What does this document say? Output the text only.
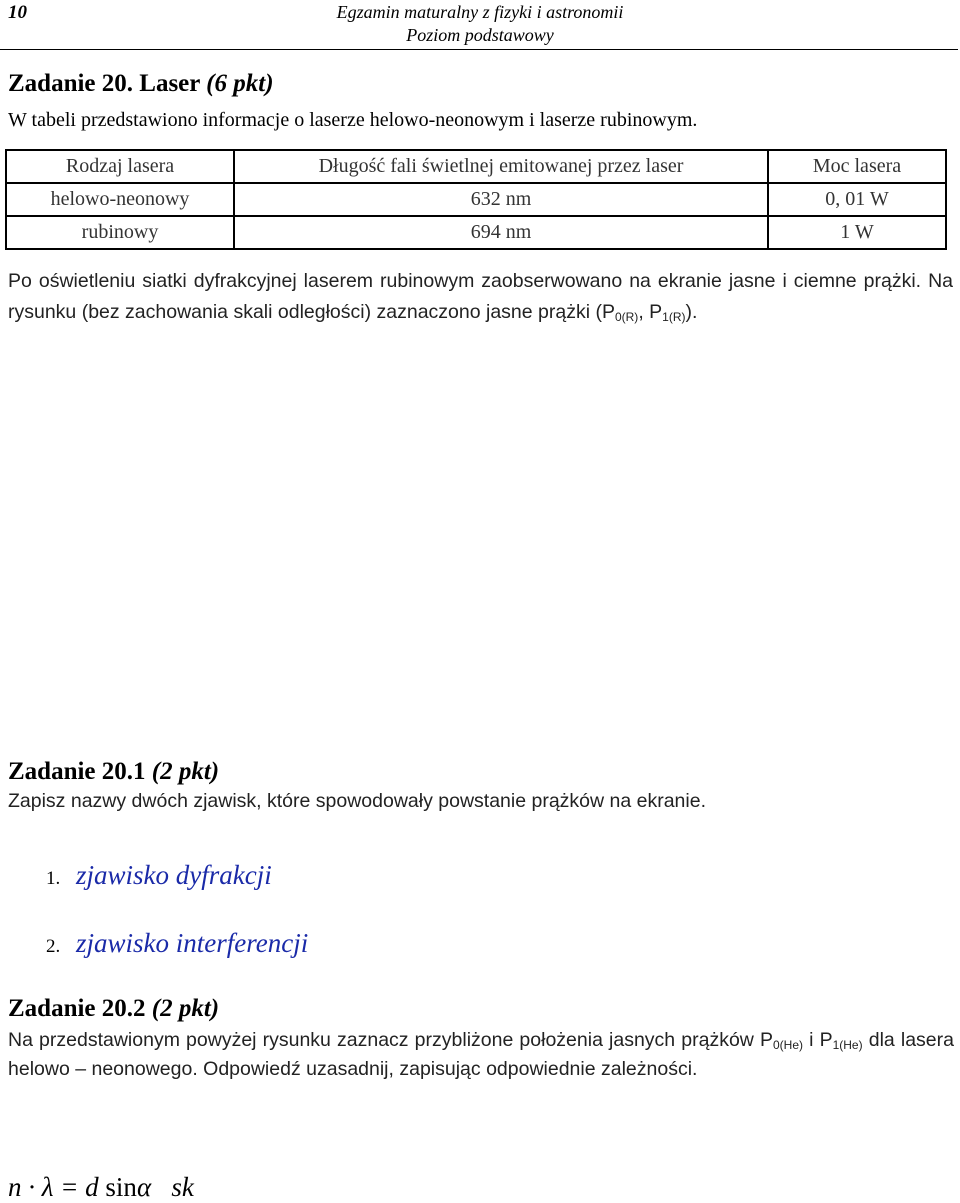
10	Egzamin maturalny z fizyki i astronomii
Poziom podstawowy
Zadanie 20. Laser (6 pkt)
W tabeli przedstawiono informacje o laserze helowo-neonowym i laserze rubinowym.
Rodzaj lasera	Długość fali świetlnej emitowanej przez laser	Moc lasera
helowo-neonowy	632 nm	0, 01 W
rubinowy	694 nm	1 W
Po oświetleniu siatki dyfrakcyjnej laserem rubinowym zaobserwowano na ekranie jasne i ciemne prążki. Na rysunku (bez zachowania skali odległości) zaznaczono jasne prążki ($P_{0(R)}$, $P_{1(R)}$).
Zadanie 20.1 (2 pkt)
Zapisz nazwy dwóch zjawisk, które spowodowały powstanie prążków na ekranie.
1. zjawisko dyfrakcji
2. zjawisko interferencji
Zadanie 20.2 (2 pkt)
Na przedstawionym powyżej rysunku zaznacz przybliżone położenia jasnych prążków $P_{0(He)}$ i $P_{1(He)}$ dla lasera helowo – neonowego. Odpowiedź uzasadnij, zapisując odpowiednie zależności.
n · λ = d sinα   sk
